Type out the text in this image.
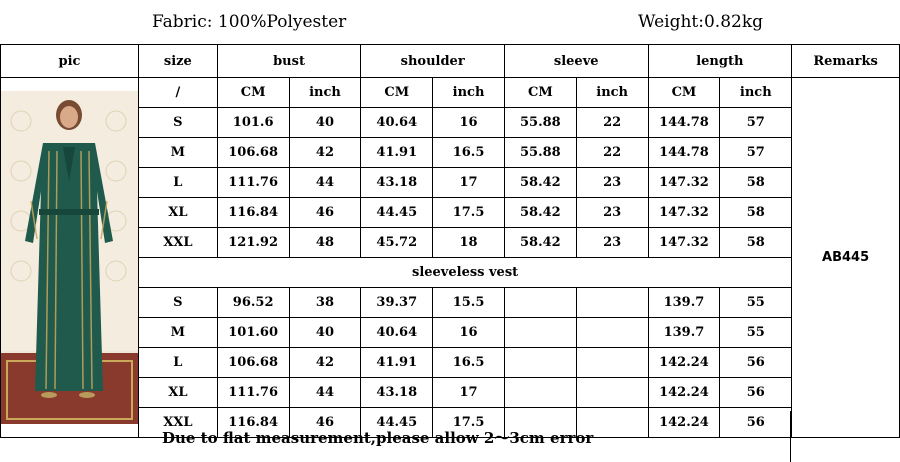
Fabric: 100%Polyester	Weight:0.82kg
pic	size	bust		shoulder		sleeve		length		Remarks

	/	CM	inch	CM	inch	CM	inch	CM	inch	AB445
	S	101.6	40	40.64	16	55.88	22	144.78	57	
	M	106.68	42	41.91	16.5	55.88	22	144.78	57	
	L	111.76	44	43.18	17	58.42	23	147.32	58	
	XL	116.84	46	44.45	17.5	58.42	23	147.32	58	
	XXL	121.92	48	45.72	18	58.42	23	147.32	58	
	sleeveless vest									
	S	96.52	38	39.37	15.5			139.7	55	
	M	101.60	40	40.64	16			139.7	55	
	L	106.68	42	41.91	16.5			142.24	56	
	XL	111.76	44	43.18	17			142.24	56	
	XXL	116.84	46	44.45	17.5			142.24	56	
Due to flat measurement,please allow 2～3cm error
